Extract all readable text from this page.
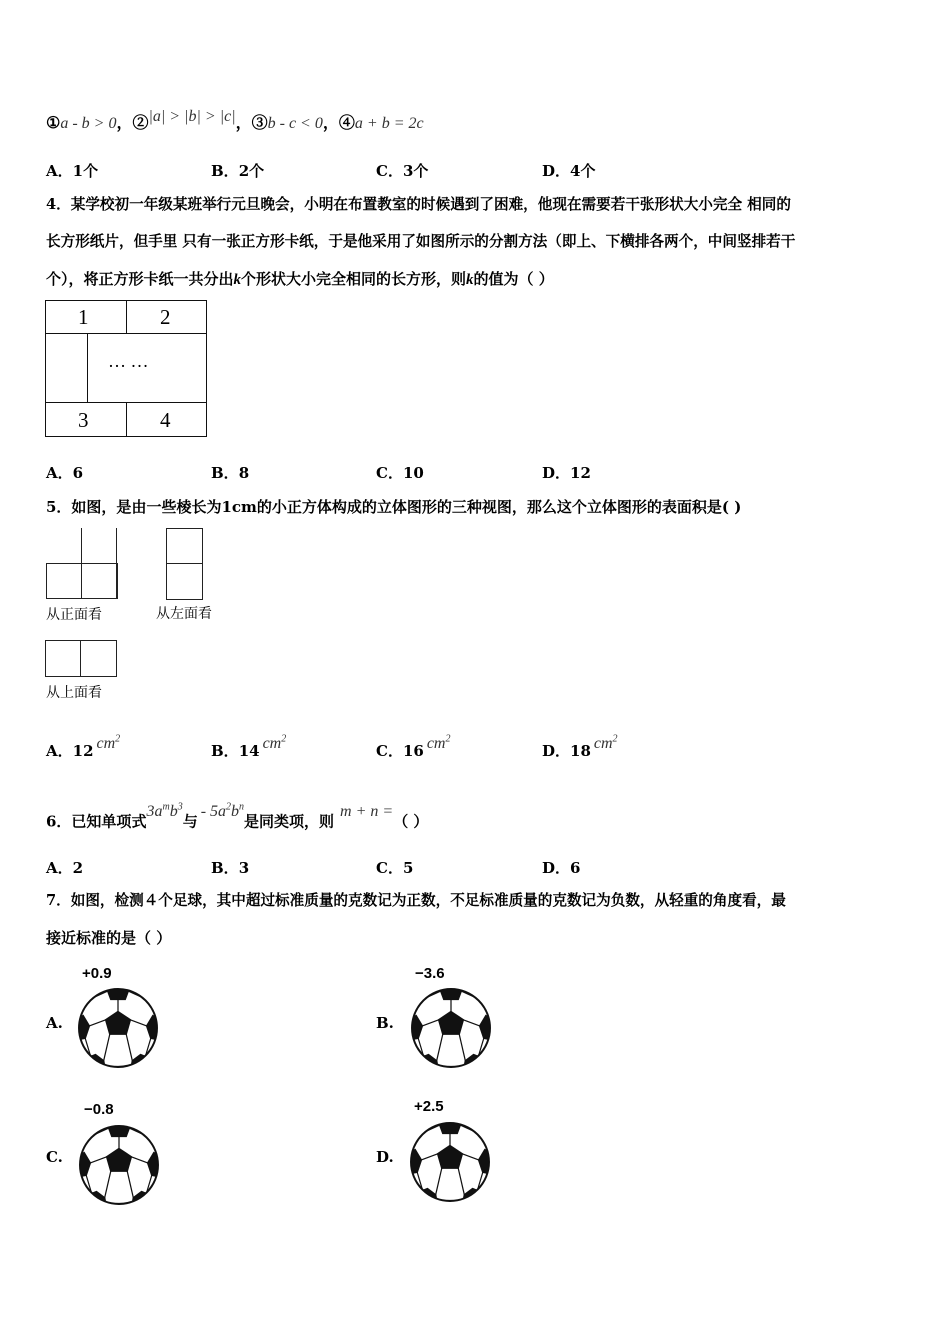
①a - b > 0，②|a| > |b| > |c|，③b - c < 0，④a + b = 2c
A．1个	B．2个	C．3个	D．4个
4．某学校初一年级某班举行元旦晚会，小明在布置教室的时候遇到了困难，他现在需要若干张形状大小完全 相同的
长方形纸片，但手里 只有一张正方形卡纸，于是他采用了如图所示的分割方法（即上、下横排各两个，中间竖排若干
个），将正方形卡纸一共分出k个形状大小完全相同的长方形，则k的值为（ ）
1	2
… …
3	4
A．6	B．8	C．10	D．12
5．如图，是由一些棱长为1cm的小正方体构成的立体图形的三种视图，那么这个立体图形的表面积是( )
从正面看	从左面看
从上面看
A．12 $cm^2$
B．14 $cm^2$
C．16 $cm^2$
D．18 $cm^2$
6．已知单项式$3a^mb^3$与- $5a^2b^n$是同类项，则m + n =（ ）
A．2	B．3	C．5	D．6
7．如图，检测４个足球，其中超过标准质量的克数记为正数，不足标准质量的克数记为负数，从轻重的角度看，最
接近标准的是（ ）
+0.9
A.
−3.6
B.
−0.8
C.
+2.5
D.
